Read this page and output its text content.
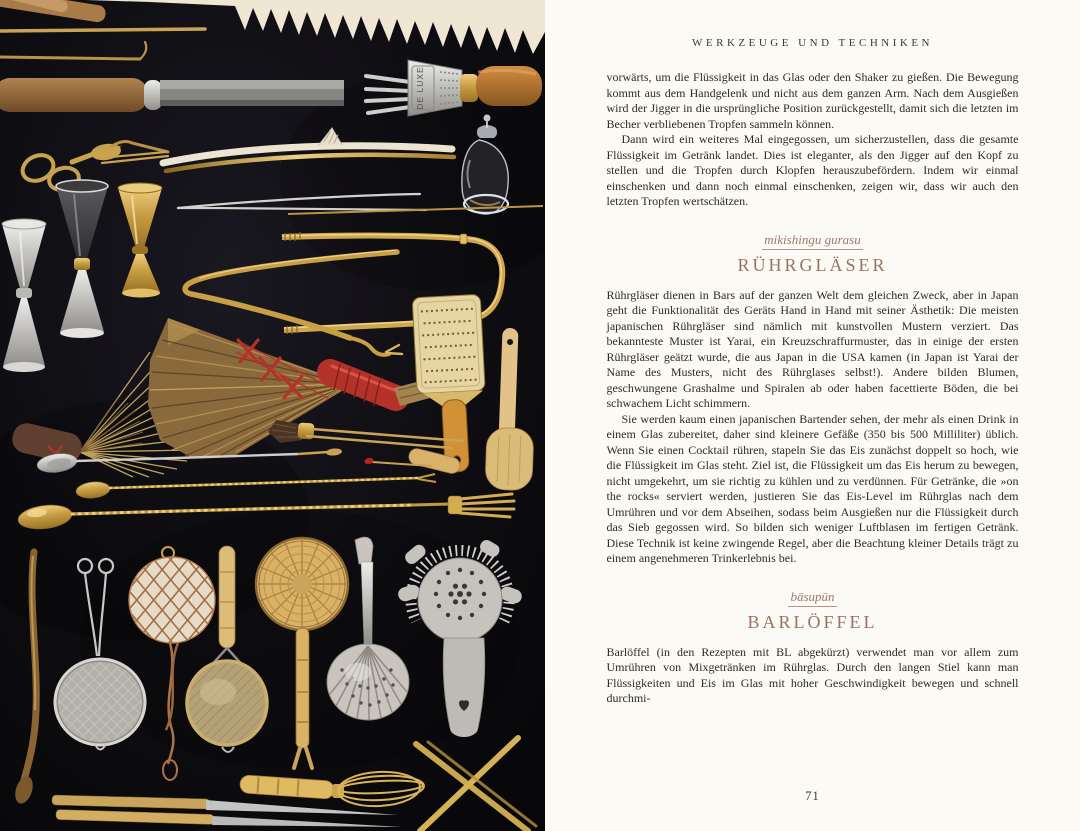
DE LUXE
WERKZEUGE UND TECHNIKEN

vorwärts, um die Flüssigkeit in das Glas oder den Shaker zu gießen. Die Bewegung kommt aus dem Handgelenk und nicht aus dem ganzen Arm. Nach dem Ausgießen wird der Jigger in die ursprüngliche Position zurückgestellt, damit sich die letzten im Becher verbliebenen Tropfen sammeln können.

Dann wird ein weiteres Mal eingegossen, um sicherzustellen, dass die gesamte Flüssigkeit im Getränk landet. Dies ist eleganter, als den Jigger auf den Kopf zu stellen und die Tropfen durch Klopfen herauszubefördern. Indem wir einmal einschenken und dann noch einmal einschenken, zeigen wir, dass wir auch den letzten Tropfen wertschätzen.

mikishingu gurasu
RÜHRGLÄSER

Rührgläser dienen in Bars auf der ganzen Welt dem gleichen Zweck, aber in Japan geht die Funktionalität des Geräts Hand in Hand mit seiner Ästhetik: Die meisten japanischen Rührgläser sind nämlich mit kunstvollen Mustern verziert. Das bekannteste Muster ist Yarai, ein Kreuzschraffurmuster, das in einige der ersten Rührgläser geätzt wurde, die aus Japan in die USA kamen (in Japan ist Yarai der Name des Musters, nicht des Rührglases selbst!). Andere bilden Blumen, geschwungene Grashalme und Spiralen ab oder haben facettierte Böden, die bei schwachem Licht schimmern.

Sie werden kaum einen japanischen Bartender sehen, der mehr als einen Drink in einem Glas zubereitet, daher sind kleinere Gefäße (350 bis 500 Milliliter) üblich. Wenn Sie einen Cocktail rühren, stapeln Sie das Eis zunächst doppelt so hoch, wie die Flüssigkeit im Glas steht. Ziel ist, die Flüssigkeit um das Eis herum zu bewegen, nicht umgekehrt, um sie richtig zu kühlen und zu verdünnen. Für Getränke, die »on the rocks« serviert werden, justieren Sie das Eis-Level im Rührglas nach dem Umrühren und vor dem Abseihen, sodass beim Ausgießen nur die Flüssigkeit durch das Sieb gegossen wird. So bilden sich weniger Luftblasen im fertigen Getränk. Diese Technik ist keine zwingende Regel, aber die Beachtung kleiner Details trägt zu einem angenehmeren Trinkerlebnis bei.

bāsupūn
BARLÖFFEL

Barlöffel (in den Rezepten mit BL abgekürzt) verwendet man vor allem zum Umrühren von Mixgetränken im Rührglas. Durch den langen Stiel kann man Flüssigkeiten und Eis im Glas mit hoher Geschwindigkeit bewegen und schnell durchmi-

71
